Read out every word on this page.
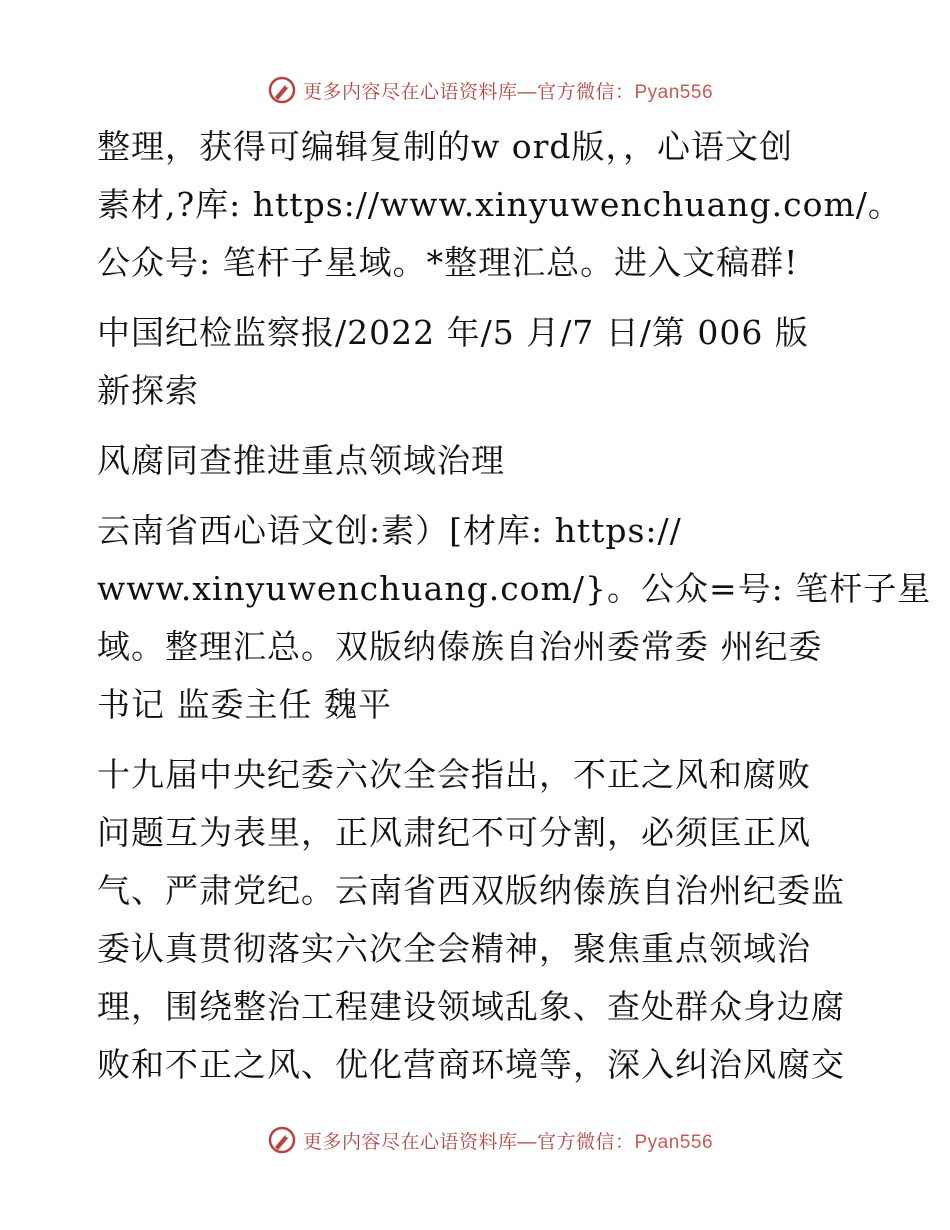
更多内容尽在心语资料库—官方微信：Pyan556

整理，获得可编辑复制的w ord版，，心语文创
素材,?库: https://www.xinyuwenchuang.com/。
公众号: 笔杆子星域。*整理汇总。进入文稿群!

中国纪检监察报/2022 年/5 月/7 日/第 006 版
新探索

风腐同查推进重点领域治理

云南省西心语文创:素）[材库: https://
www.xinyuwenchuang.com/}。公众=号: 笔杆子星
域。整理汇总。双版纳傣族自治州委常委 州纪委
书记 监委主任 魏平

十九届中央纪委六次全会指出，不正之风和腐败
问题互为表里，正风肃纪不可分割，必须匡正风
气、严肃党纪。云南省西双版纳傣族自治州纪委监
委认真贯彻落实六次全会精神，聚焦重点领域治
理，围绕整治工程建设领域乱象、查处群众身边腐
败和不正之风、优化营商环境等，深入纠治风腐交

更多内容尽在心语资料库—官方微信：Pyan556
